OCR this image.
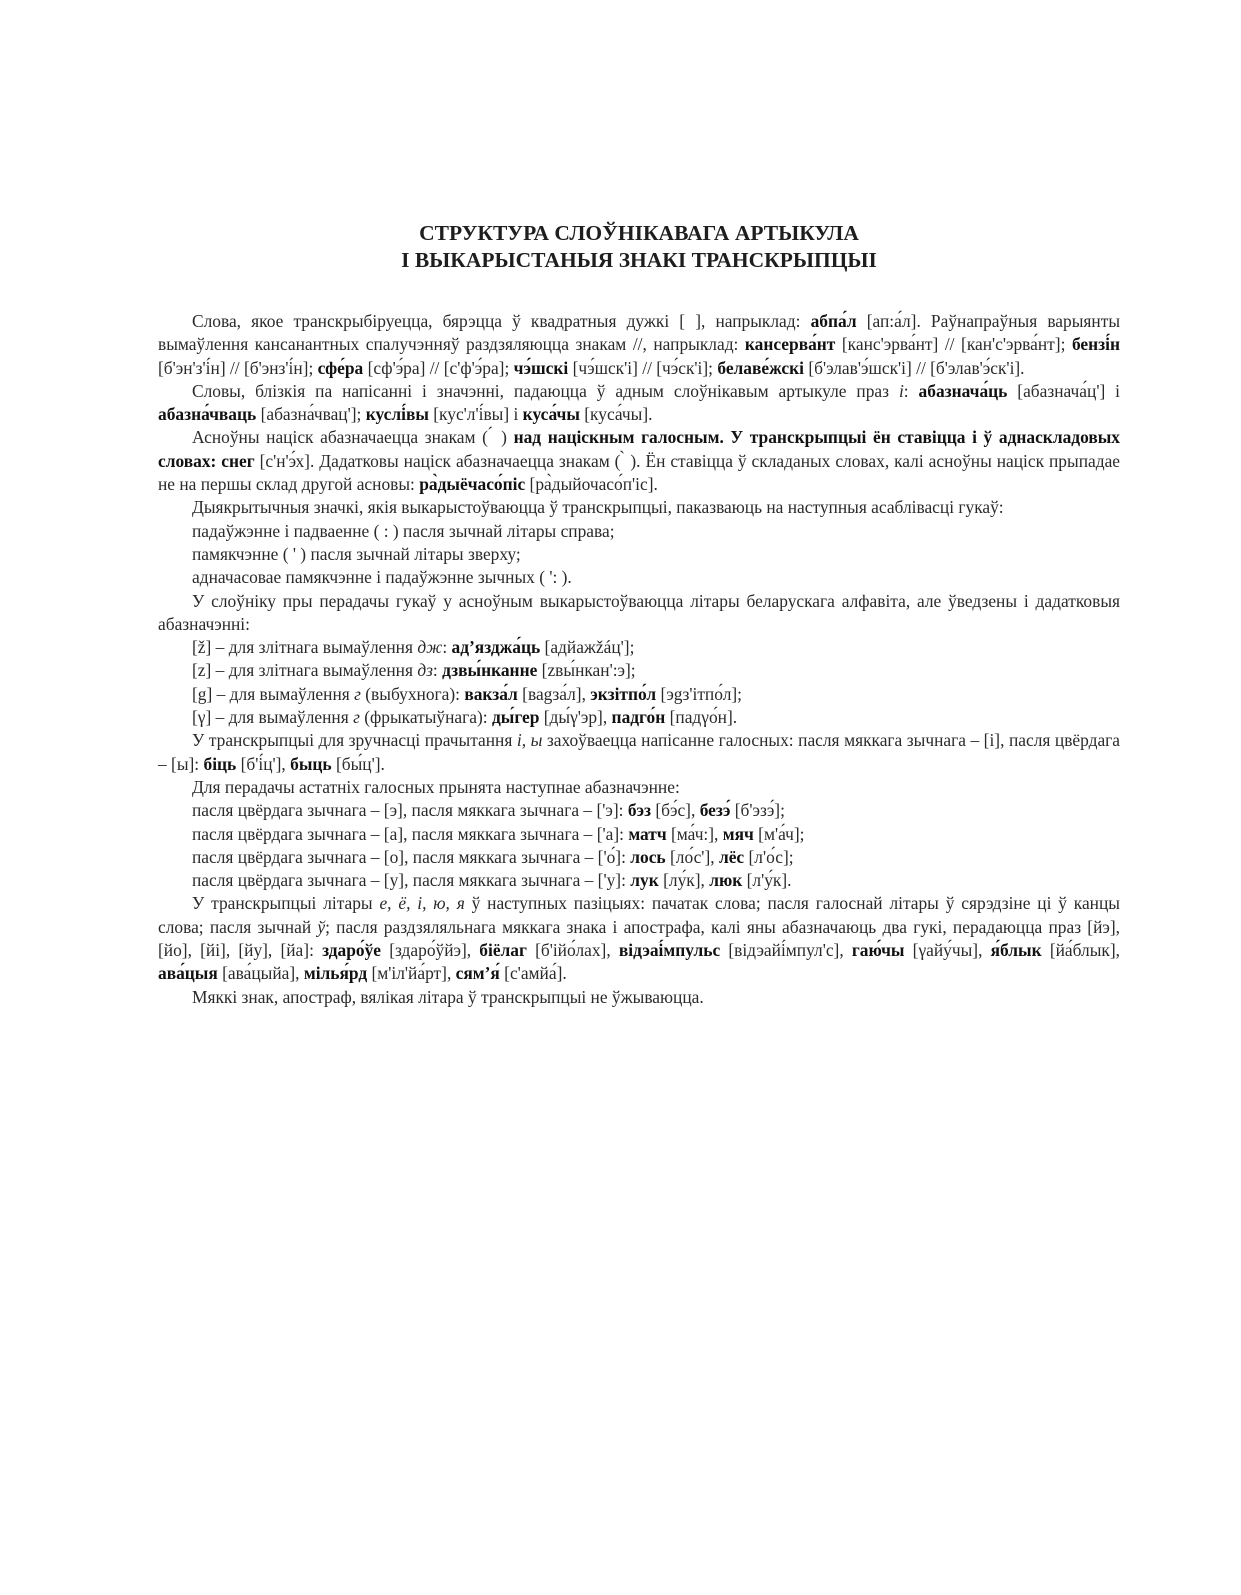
СТРУКТУРА СЛОЎНІКАВАГА АРТЫКУЛА
І ВЫКАРЫСТАНЫЯ ЗНАКІ ТРАНСКРЫПЦЫІ

Слова, якое транскрыбіруецца, бярэцца ў квадратныя дужкі [ ], напрыклад: абпа́л [ап:а́л]. Раўнапраўныя варыянты вымаўлення кансанантных спалучэнняў раздзяляюцца знакам //, напрыклад: кансерва́нт [канс'эрва́нт] // [кан'с'эрва́нт]; бензі́н [б'эн'з'і́н] // [б'энз'і́н]; сфе́ра [сф'э́ра] // [с'ф'э́ра]; чэ́шскі [чэ́шск'і] // [чэ́ск'і]; белаве́жскі [б'элав'э́шск'і] // [б'элав'э́ск'і].

Словы, блізкія па напісанні і значэнні, падаюцца ў адным слоўнікавым артыкуле праз і: абазнача́ць [абазнача́ц'] і абазна́чваць [абазна́чвац']; куслі́вы [кус'л'і́вы] і куса́чы [куса́чы].

Асноўны націск абазначаецца знакам ( ́ ) над націскным галосным. У транскрыпцыі ён ставіцца і ў аднаскладовых словах: снег [с'н'э́х]. Дадатковы націск абазначаецца знакам ( ̀ ). Ён ставіцца ў складаных словах, калі асноўны націск прыпадае не на першы склад другой асновы: ра̀дыёчасо́піс [ра̀дыйочасо́п'іс].

Дыякрытычныя значкі, якія выкарыстоўваюцца ў транскрыпцыі, паказваюць на наступныя асаблівасці гукаў:

падаўжэнне і падваенне ( : ) пасля зычнай літары справа;

памякчэнне ( ' ) пасля зычнай літары зверху;

адначасовае памякчэнне і падаўжэнне зычных ( ': ).

У слоўніку пры перадачы гукаў у асноўным выкарыстоўваюцца літары беларускага алфавіта, але ўведзены і дадатковыя абазначэнні:

[ž] – для злітнага вымаўлення дж: ад’язджа́ць [адйажžáц'];

[z] – для злітнага вымаўлення дз: дзвы́нканне [zвы́нкан':э];

[g] – для вымаўлення г (выбухнога): вакза́л [ваgза́л], экзітпо́л [эgз'ітпо́л];

[γ] – для вымаўлення г (фрыкатыўнага): ды́гер [ды́γ'эр], падго́н [падγо́н].

У транскрыпцыі для зручнасці прачытання і, ы захоўваецца напісанне галосных: пасля мяккага зычнага – [і], пасля цвёрдага – [ы]: біць [б'і́ц'], быць [бы́ц'].

Для перадачы астатніх галосных прынята наступнае абазначэнне:

пасля цвёрдага зычнага – [э], пасля мяккага зычнага – ['э]: бэз [бэ́с], безэ́ [б'эзэ́];

пасля цвёрдага зычнага – [а], пасля мяккага зычнага – ['а]: матч [ма́ч:], мяч [м'а́ч];

пасля цвёрдага зычнага – [о], пасля мяккага зычнага – ['о́]: лось [ло́с'], лёс [л'о́с];

пасля цвёрдага зычнага – [у], пасля мяккага зычнага – ['у]: лук [лу́к], люк [л'у́к].

У транскрыпцыі літары е, ё, і, ю, я ў наступных пазіцыях: пачатак слова; пасля галоснай літары ў сярэдзіне ці ў канцы слова; пасля зычнай ў; пасля раздзяляльнага мяккага знака і апострафа, калі яны абазначаюць два гукі, перадаюцца праз [йэ], [йо], [йі], [йу], [йа]: здаро́ўе [здаро́ўйэ], біёлаг [б'ійо́лах], відэаі́мпульс [відэайі́мпул'с], гаю́чы [γайу́чы], я́блык [йа́блык], ава́цыя [ава́цыйа], мілья́рд [м'іл'йа́рт], сям’я́ [с'амйа́].

Мяккі знак, апостраф, вялікая літара ў транскрыпцыі не ўжываюцца.
